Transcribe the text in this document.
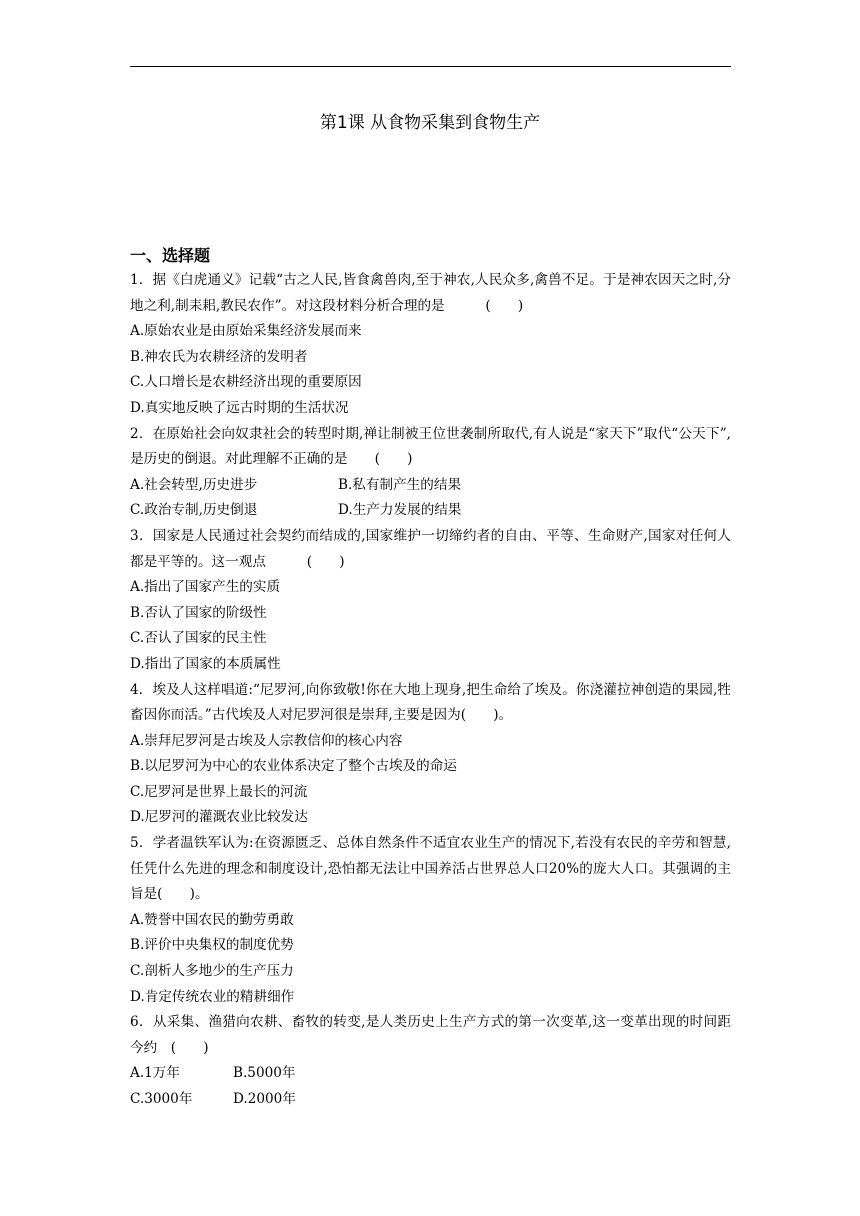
第1课 从食物采集到食物生产
一、选择题

1．据《白虎通义》记载“古之人民,皆食禽兽肉,至于神农,人民众多,禽兽不足。于是神农因天之时,分地之利,制耒耜,教民农作”。对这段材料分析合理的是　　　(　　)

A.原始农业是由原始采集经济发展而来

B.神农氏为农耕经济的发明者

C.人口增长是农耕经济出现的重要原因

D.真实地反映了远古时期的生活状况

2．在原始社会向奴隶社会的转型时期,禅让制被王位世袭制所取代,有人说是“家天下”取代“公天下”,是历史的倒退。对此理解不正确的是　　(　　)

A.社会转型,历史进步	B.私有制产生的结果

C.政治专制,历史倒退	D.生产力发展的结果

3．国家是人民通过社会契约而结成的,国家维护一切缔约者的自由、平等、生命财产,国家对任何人都是平等的。这一观点　　　(　　)

A.指出了国家产生的实质

B.否认了国家的阶级性

C.否认了国家的民主性

D.指出了国家的本质属性

4．埃及人这样唱道:“尼罗河,向你致敬!你在大地上现身,把生命给了埃及。你浇灌拉神创造的果园,牲畜因你而活。”古代埃及人对尼罗河很是崇拜,主要是因为(　　)。

A.崇拜尼罗河是古埃及人宗教信仰的核心内容

B.以尼罗河为中心的农业体系决定了整个古埃及的命运

C.尼罗河是世界上最长的河流

D.尼罗河的灌溉农业比较发达

5．学者温铁军认为:在资源匮乏、总体自然条件不适宜农业生产的情况下,若没有农民的辛劳和智慧,任凭什么先进的理念和制度设计,恐怕都无法让中国养活占世界总人口20%的庞大人口。其强调的主旨是(　　)。

A.赞誉中国农民的勤劳勇敢

B.评价中央集权的制度优势

C.剖析人多地少的生产压力

D.肯定传统农业的精耕细作

6．从采集、渔猎向农耕、畜牧的转变,是人类历史上生产方式的第一次变革,这一变革出现的时间距今约　(　　)

A.1万年	B.5000年

C.3000年	D.2000年
